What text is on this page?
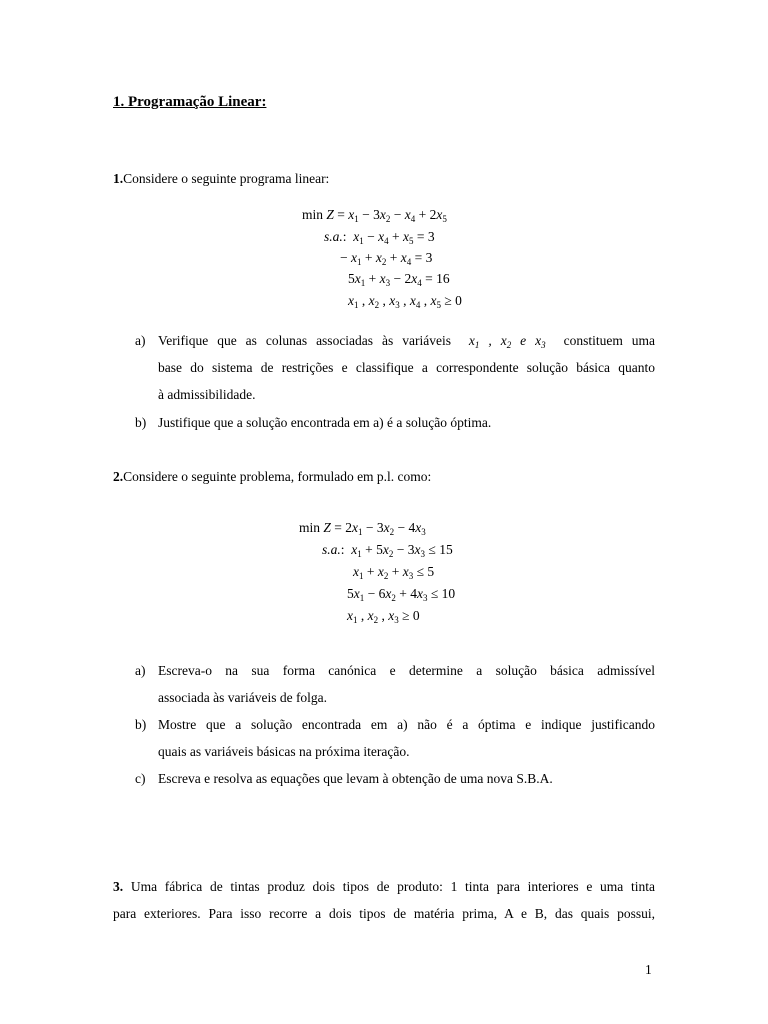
1. Programação Linear:
1.Considere o seguinte programa linear:
$\min Z = x_1 - 3x_2 - x_4 + 2x_5$
s.a.:  $x_1 - x_4 + x_5 = 3$
− $x_1 + x_2 + x_4 = 3$
$5x_1 + x_3 - 2x_4 = 16$
$x_1$ , $x_2$ , $x_3$ , $x_4$ , $x_5 \ge 0$
a) Verifique que as colunas associadas às variáveis $x_1$ , $x_2$ e $x_3$ constituem uma
base do sistema de restrições e classifique a correspondente solução básica quanto
à admissibilidade.
b) Justifique que a solução encontrada em a) é a solução óptima.
2.Considere o seguinte problema, formulado em p.l. como:
$\min Z = 2x_1 - 3x_2 - 4x_3$
s.a.:  $x_1 + 5x_2 - 3x_3 \le 15$
$x_1 + x_2 + x_3 \le 5$
$5x_1 - 6x_2 + 4x_3 \le 10$
$x_1$ , $x_2$ , $x_3 \ge 0$
a) Escreva-o na sua forma canónica e determine a solução básica admissível
associada às variáveis de folga.
b) Mostre que a solução encontrada em a) não é a óptima e indique justificando
quais as variáveis básicas na próxima iteração.
c) Escreva e resolva as equações que levam à obtenção de uma nova S.B.A.
3. Uma fábrica de tintas produz dois tipos de produto: 1 tinta para interiores e uma tinta
para exteriores. Para isso recorre a dois tipos de matéria prima, A e B, das quais possui,
1
